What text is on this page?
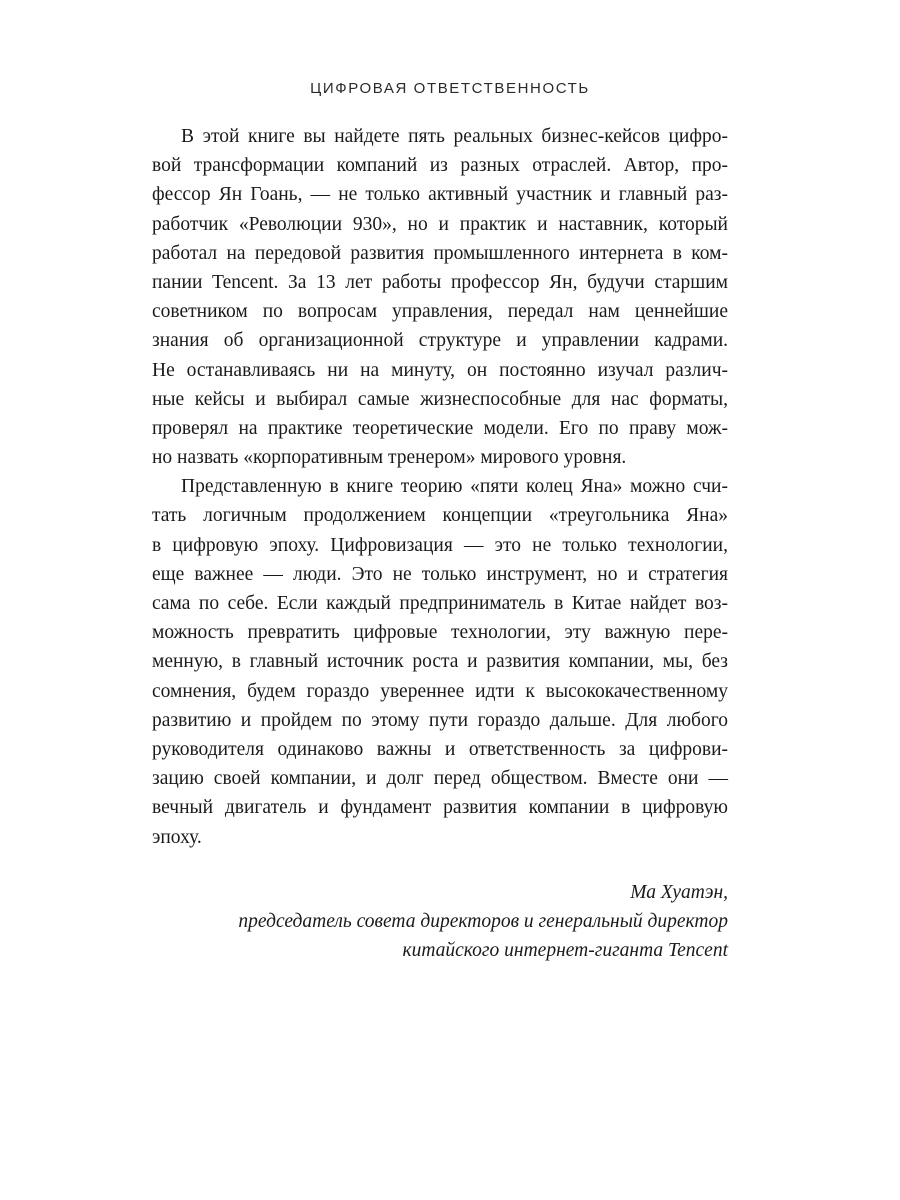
ЦИФРОВАЯ ОТВЕТСТВЕННОСТЬ
В этой книге вы найдете пять реальных бизнес-кейсов цифро-
вой трансформации компаний из разных отраслей. Автор, про-
фессор Ян Гоань, — не только активный участник и главный раз-
работчик «Революции 930», но и практик и наставник, который
работал на передовой развития промышленного интернета в ком-
пании Tencent. За 13 лет работы профессор Ян, будучи старшим
советником по вопросам управления, передал нам ценнейшие
знания об организационной структуре и управлении кадрами.
Не останавливаясь ни на минуту, он постоянно изучал различ-
ные кейсы и выбирал самые жизнеспособные для нас форматы,
проверял на практике теоретические модели. Его по праву мож-
но назвать «корпоративным тренером» мирового уровня.
Представленную в книге теорию «пяти колец Яна» можно счи-
тать логичным продолжением концепции «треугольника Яна»
в цифровую эпоху. Цифровизация — это не только технологии,
еще важнее — люди. Это не только инструмент, но и стратегия
сама по себе. Если каждый предприниматель в Китае найдет воз-
можность превратить цифровые технологии, эту важную пере-
менную, в главный источник роста и развития компании, мы, без
сомнения, будем гораздо увереннее идти к высококачественному
развитию и пройдем по этому пути гораздо дальше. Для любого
руководителя одинаково важны и ответственность за цифрови-
зацию своей компании, и долг перед обществом. Вместе они —
вечный двигатель и фундамент развития компании в цифровую
эпоху.
Ма Хуатэн,
председатель совета директоров и генеральный директор
китайского интернет-гиганта Tencent
